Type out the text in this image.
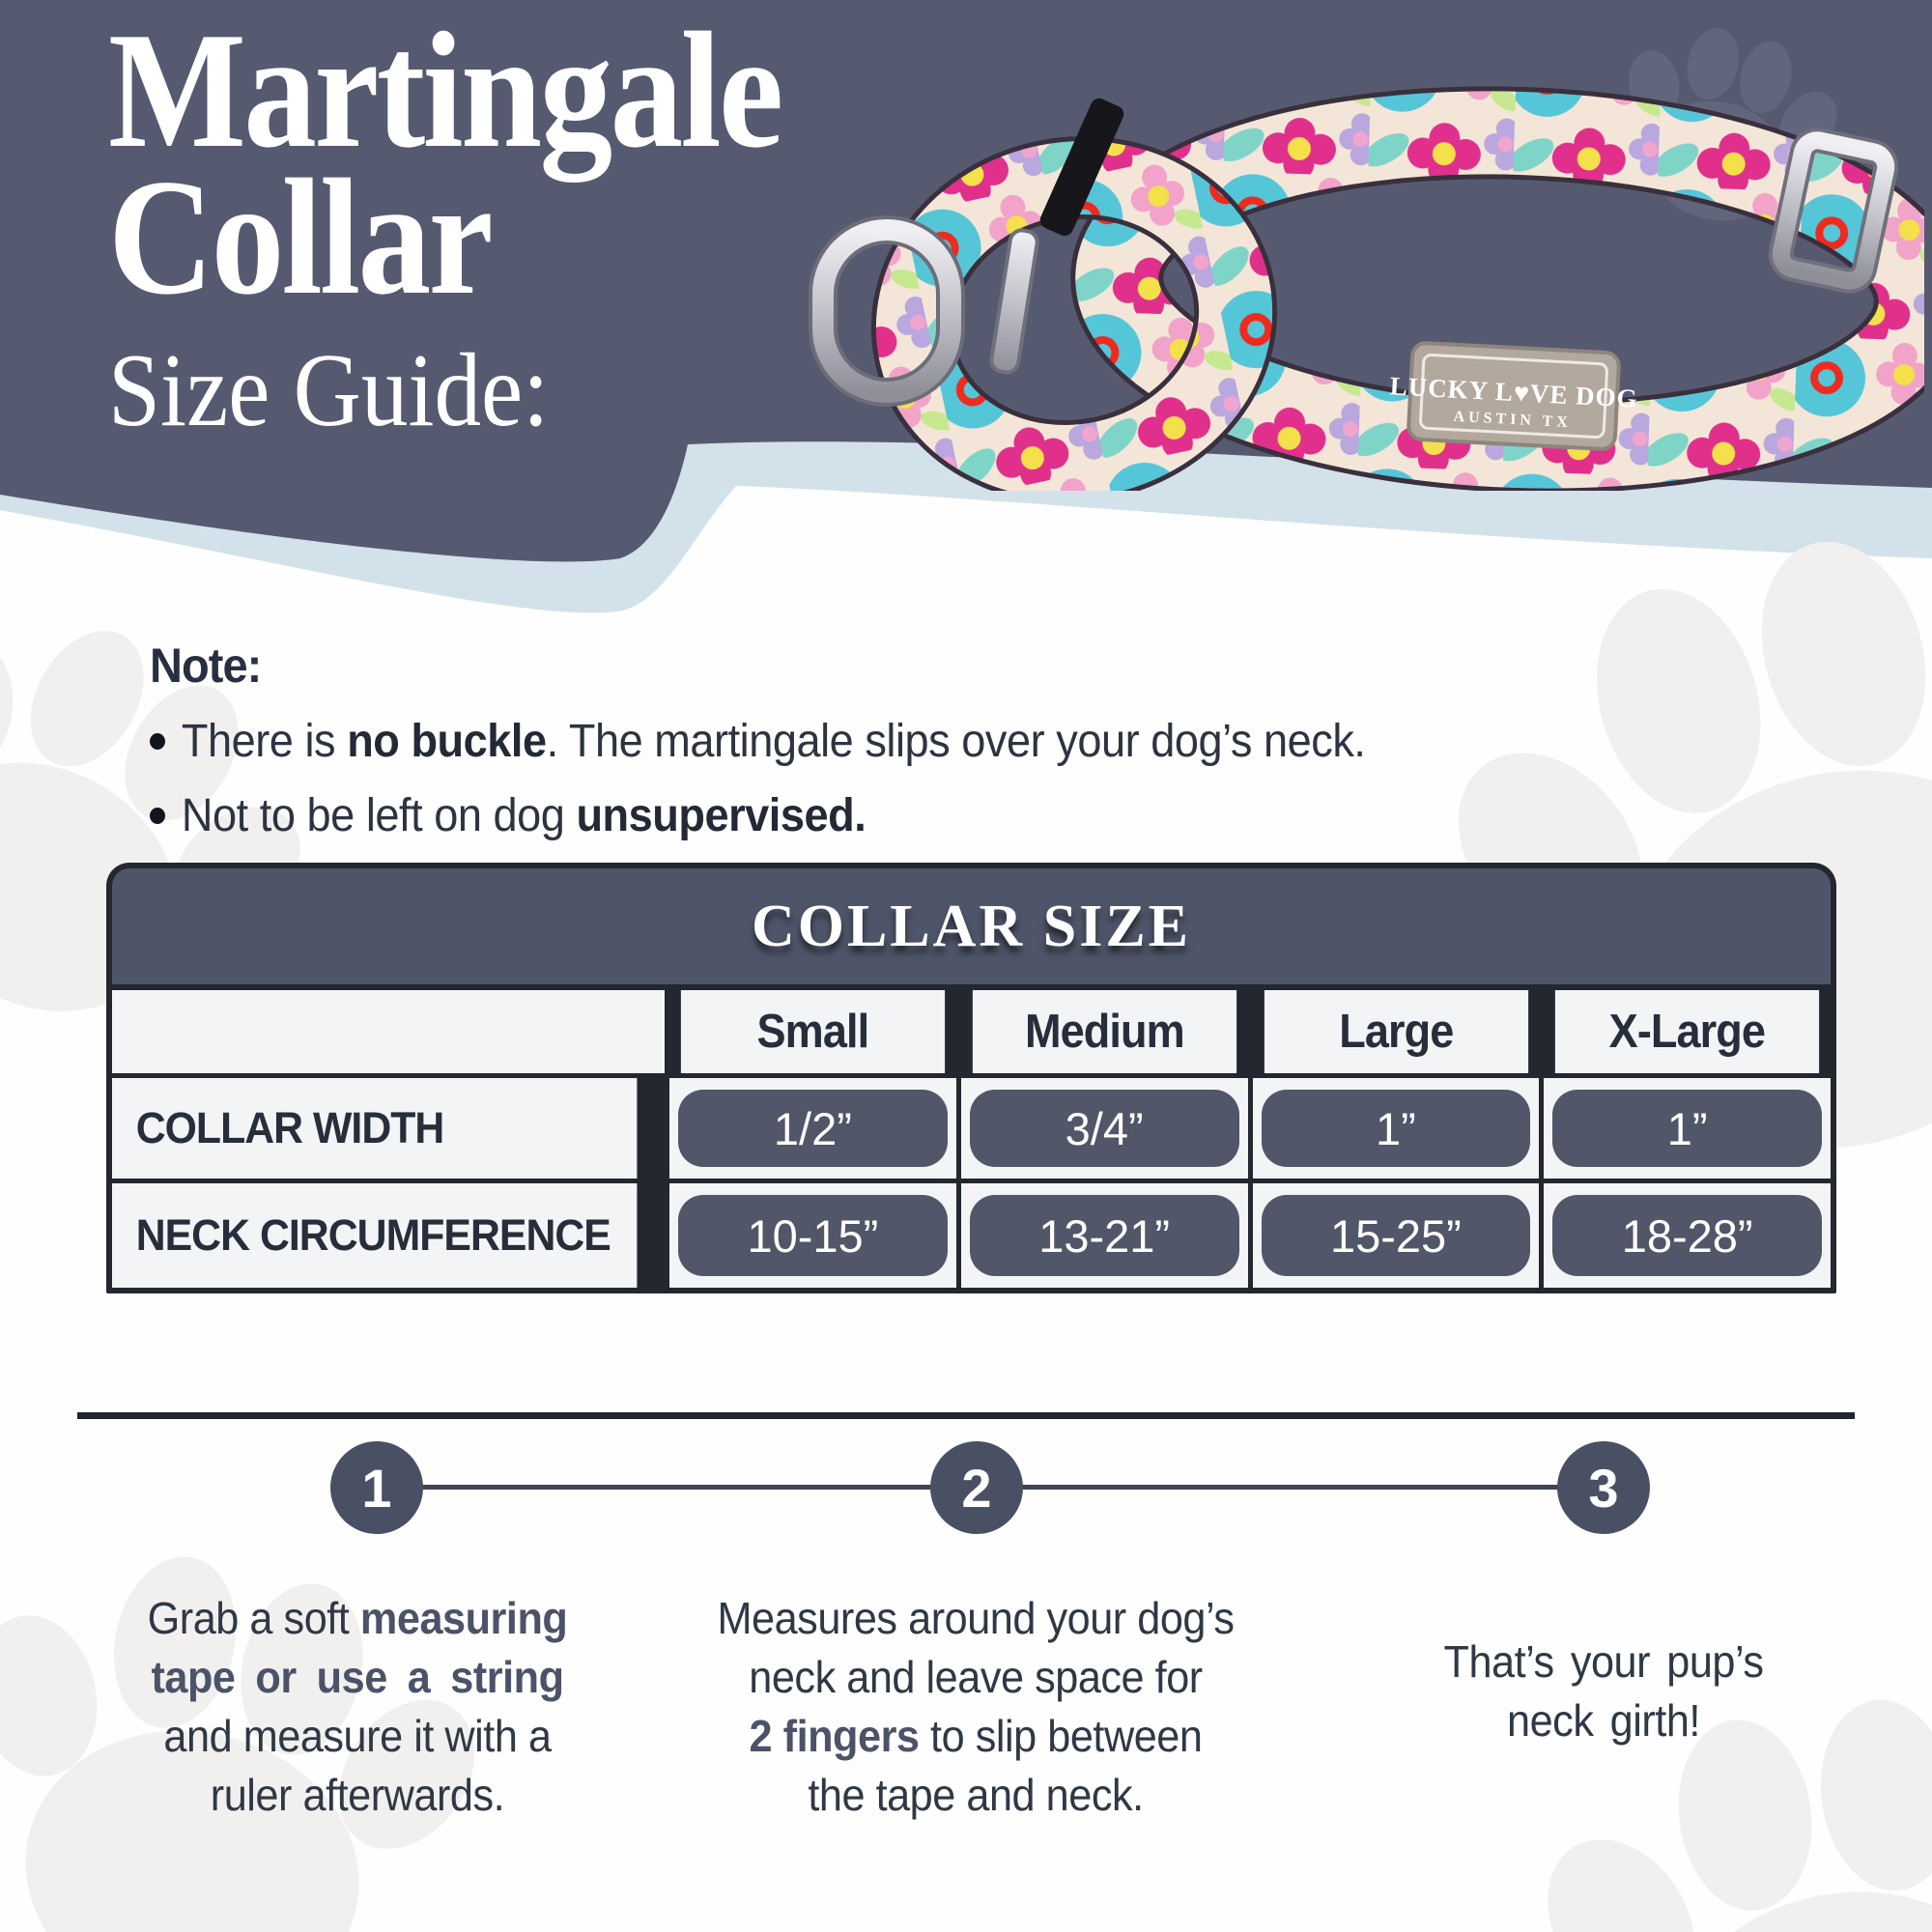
Martingale
Collar
Size Guide:	LUCKY L♥VE DOG
AUSTIN TX
Note:
There is no buckle. The martingale slips over your dog’s neck.
Not to be left on dog unsupervised.
COLLAR SIZE
Small	Medium	Large	X-Large
COLLAR WIDTH	1/2”	3/4”	1”	1”
NECK CIRCUMFERENCE	10-15”	13-21”	15-25”	18-28”
1	2	3
Grab a soft measuring
tape or use a string
and measure it with a
ruler afterwards.
Measures around your dog’s
neck and leave space for
2 fingers to slip between
the tape and neck.
That’s your pup’s
neck girth!
